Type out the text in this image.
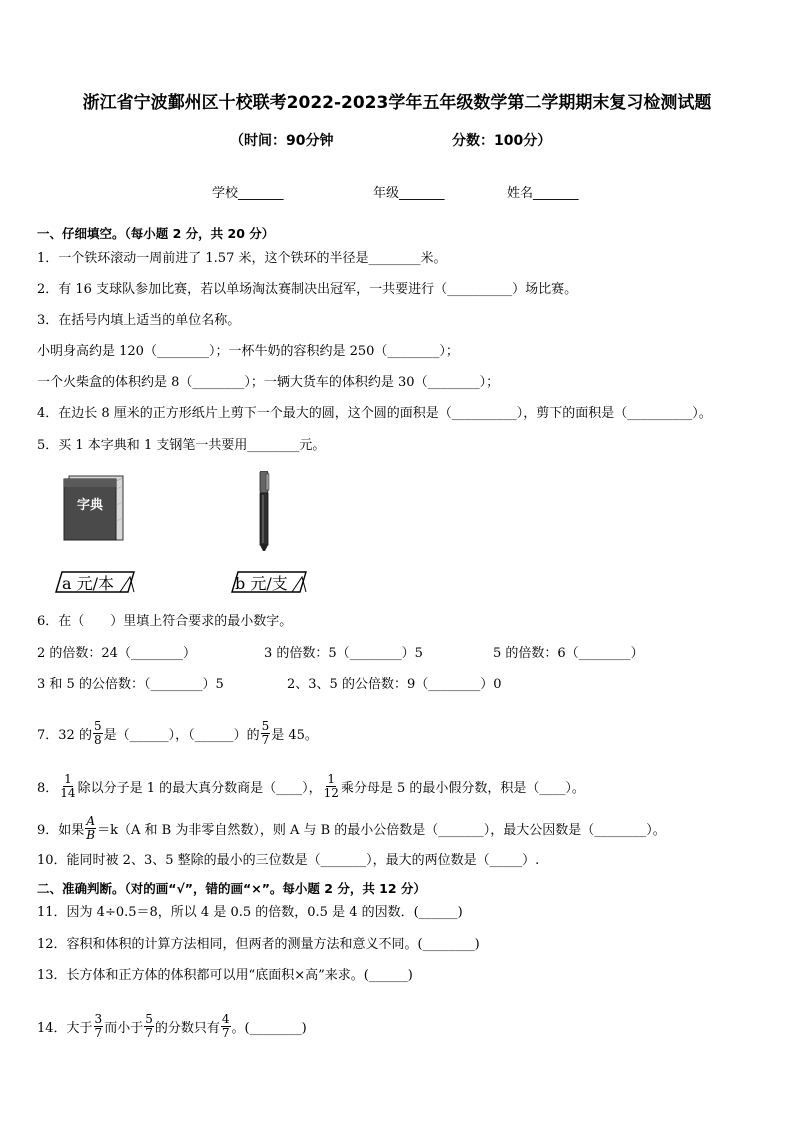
浙江省宁波鄞州区十校联考2022-2023学年五年级数学第二学期期末复习检测试题
（时间：90分钟	分数：100分）
学校_______	年级_______	姓名_______
一、仔细填空。（每小题 2 分，共 20 分）
1．一个铁环滚动一周前进了 1.57 米，这个铁环的半径是________米。
2．有 16 支球队参加比赛，若以单场淘汰赛制决出冠军，一共要进行（__________）场比赛。
3．在括号内填上适当的单位名称。
小明身高约是 120（________）；一杯牛奶的容积约是 250（________）；
一个火柴盒的体积约是 8（________）；一辆大货车的体积约是 30（________）；
4．在边长 8 厘米的正方形纸片上剪下一个最大的圆，这个圆的面积是（__________），剪下的面积是（__________）。
5．买 1 本字典和 1 支钢笔一共要用________元。
字典
a 元/本	b 元/支
6．在（　　）里填上符合要求的最小数字。
2 的倍数：24（________）	3 的倍数：5（________）5	5 的倍数：6（________）
3 和 5 的公倍数：（________）5	2、3、5 的公倍数：9（________）0
7．32 的 $\frac{5}{8}$ 是（______），（______）的 $\frac{5}{7}$ 是 45。
8． $\frac{1}{14}$ 除以分子是 1 的最大真分数商是（____）， $\frac{1}{12}$ 乘分母是 5 的最小假分数，积是（____）。
9．如果 $\frac{A}{B} =k(A$ 和 B 为非零自然数），则 A 与 B 的最小公倍数是（_______），最大公因数是（________）。
10．能同时被 2、3、5 整除的最小的三位数是（_______），最大的两位数是（_____）.
二、准确判断。（对的画“√”，错的画“×”。每小题 2 分，共 12 分）
11．因为 4÷0.5＝8，所以 4 是 0.5 的倍数，0.5 是 4 的因数．(______)
12．容积和体积的计算方法相同，但两者的测量方法和意义不同。(________)
13．长方体和正方体的体积都可以用“底面积×高”来求。(______)
14．大于 $\frac{3}{7}$ 而小于 $\frac{5}{7}$ 的分数只有 $\frac{4}{7}$ 。(________)
